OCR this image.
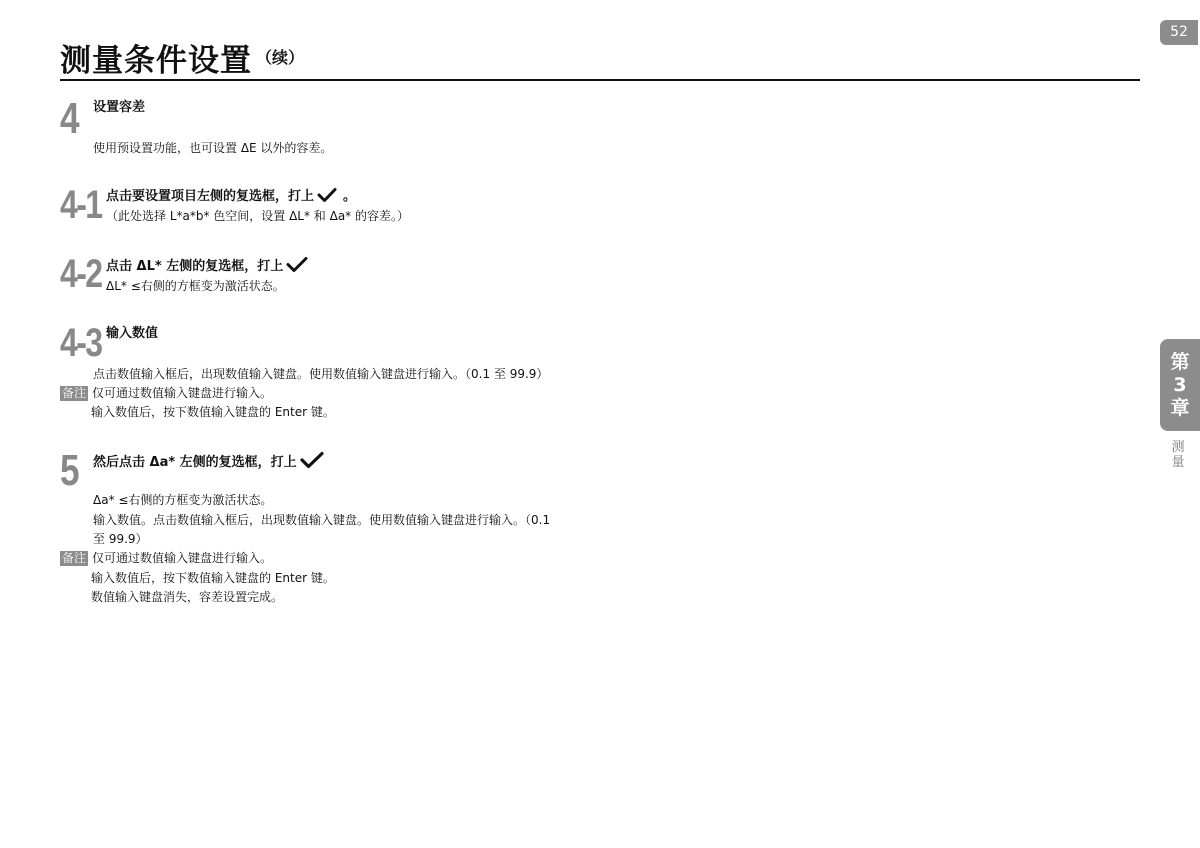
52
测量条件设置 $^{(续)}$
4 设置容差
使用预设置功能，也可设置 ΔE 以外的容差。
4-1 点击要设置项目左侧的复选框，打上 。
（此处选择 L*a*b* 色空间，设置 ΔL* 和 Δa* 的容差。）
4-2 点击 ΔL* 左侧的复选框，打上
ΔL* ≤右侧的方框变为激活状态。
4-3 输入数值
点击数值输入框后，出现数值输入键盘。使用数值输入键盘进行输入。（0.1 至 99.9）
备注 仅可通过数值输入键盘进行输入。
输入数值后，按下数值输入键盘的 Enter 键。
5 然后点击 Δa* 左侧的复选框，打上
Δa* ≤右侧的方框变为激活状态。
输入数值。点击数值输入框后，出现数值输入键盘。使用数值输入键盘进行输入。（0.1
至 99.9）
备注 仅可通过数值输入键盘进行输入。
输入数值后，按下数值输入键盘的 Enter 键。
数值输入键盘消失，容差设置完成。
第
3
章
测
量
